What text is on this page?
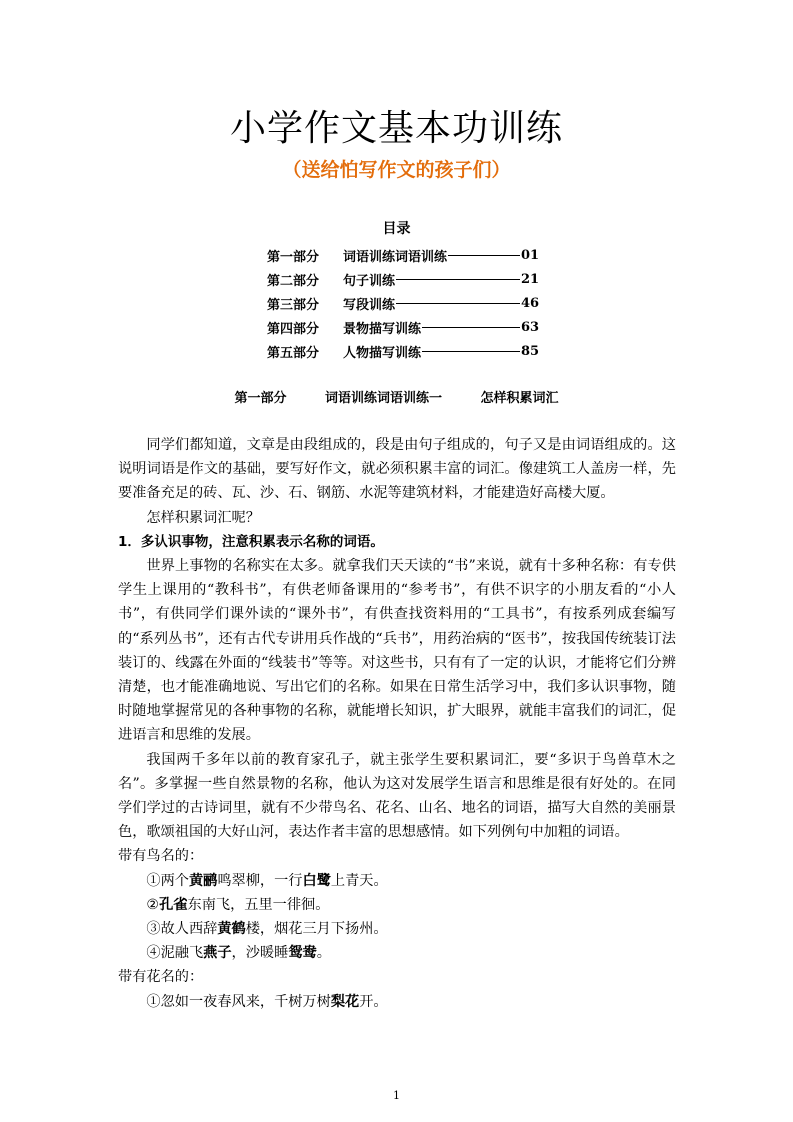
小学作文基本功训练
（送给怕写作文的孩子们）
目录
第一部分	词语训练词语训练	01
第二部分	句子训练	21
第三部分	写段训练	46
第四部分	景物描写训练	63
第五部分	人物描写训练	85
第一部分	词语训练词语训练一	怎样积累词汇

同学们都知道，文章是由段组成的，段是由句子组成的，句子又是由词语组成的。这说明词语是作文的基础，要写好作文，就必须积累丰富的词汇。像建筑工人盖房一样，先要准备充足的砖、瓦、沙、石、钢筋、水泥等建筑材料，才能建造好高楼大厦。

怎样积累词汇呢？

1．多认识事物，注意积累表示名称的词语。

世界上事物的名称实在太多。就拿我们天天读的“书”来说，就有十多种名称：有专供学生上课用的“教科书”，有供老师备课用的“参考书”，有供不识字的小朋友看的“小人书”，有供同学们课外读的“课外书”，有供查找资料用的“工具书”，有按系列成套编写的“系列丛书”，还有古代专讲用兵作战的“兵书”，用药治病的“医书”，按我国传统装订法装订的、线露在外面的“线装书”等等。对这些书，只有有了一定的认识，才能将它们分辨清楚，也才能准确地说、写出它们的名称。如果在日常生活学习中，我们多认识事物，随时随地掌握常见的各种事物的名称，就能增长知识，扩大眼界，就能丰富我们的词汇，促进语言和思维的发展。

我国两千多年以前的教育家孔子，就主张学生要积累词汇，要“多识于鸟兽草木之名”。多掌握一些自然景物的名称，他认为这对发展学生语言和思维是很有好处的。在同学们学过的古诗词里，就有不少带鸟名、花名、山名、地名的词语，描写大自然的美丽景色，歌颂祖国的大好山河，表达作者丰富的思想感情。如下列例句中加粗的词语。

带有鸟名的：

①两个黄鹂鸣翠柳，一行白鹭上青天。

②孔雀东南飞，五里一徘徊。

③故人西辞黄鹤楼，烟花三月下扬州。

④泥融飞燕子，沙暖睡鸳鸯。

带有花名的：

①忽如一夜春风来，千树万树梨花开。

1
